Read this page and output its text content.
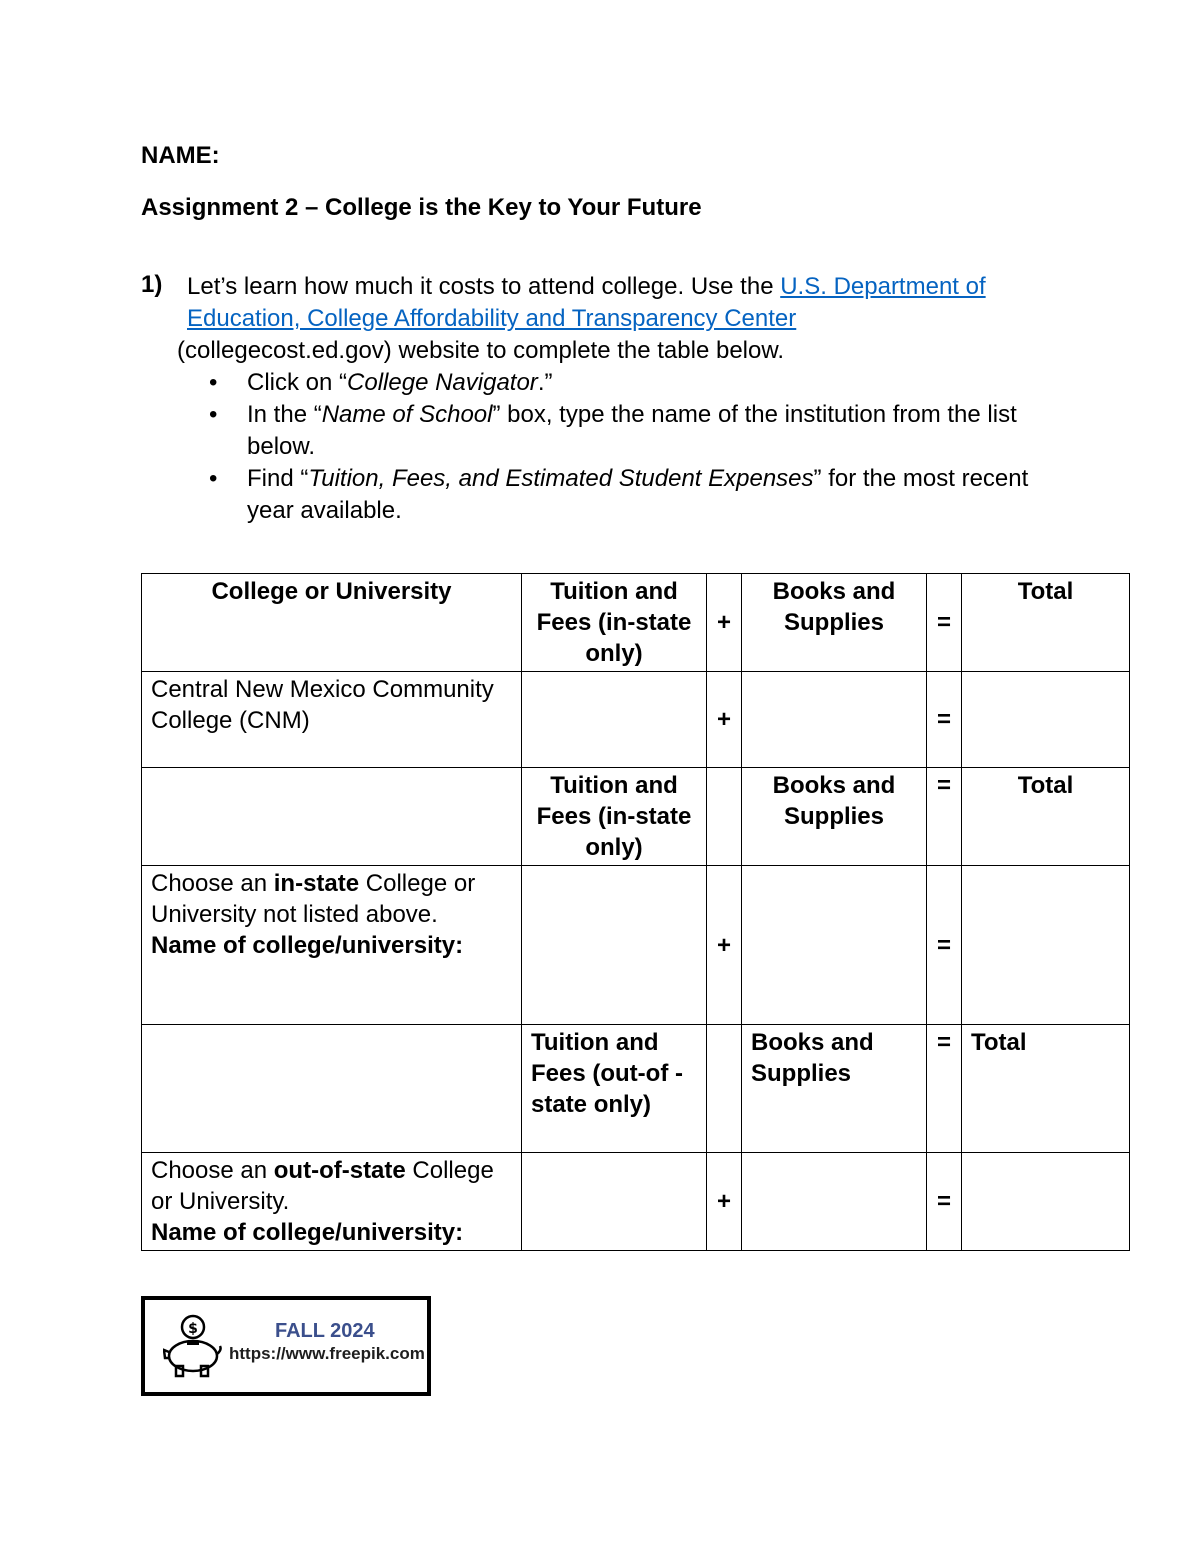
NAME:
Assignment 2 – College is the Key to Your Future
1)	Let’s learn how much it costs to attend college. Use the U.S. Department of Education, College Affordability and Transparency Center
(collegecost.ed.gov) website to complete the table below.
• Click on “College Navigator.”
• In the “Name of School” box, type the name of the institution from the list below.
• Find “Tuition, Fees, and Estimated Student Expenses” for the most recent year available.
College or University	Tuition and Fees (in-state only)	+	Books and Supplies	=	Total
Central New Mexico Community College (CNM)		+		=	
	Tuition and Fees (in-state only)		Books and Supplies	=	Total
Choose an in-state College or University not listed above.
Name of college/university:		+		=	
	Tuition and Fees (out-of -state only)		Books and Supplies	=	Total
Choose an out-of-state College or University.
Name of college/university:		+		=	
$	FALL 2024
https://www.freepik.com
